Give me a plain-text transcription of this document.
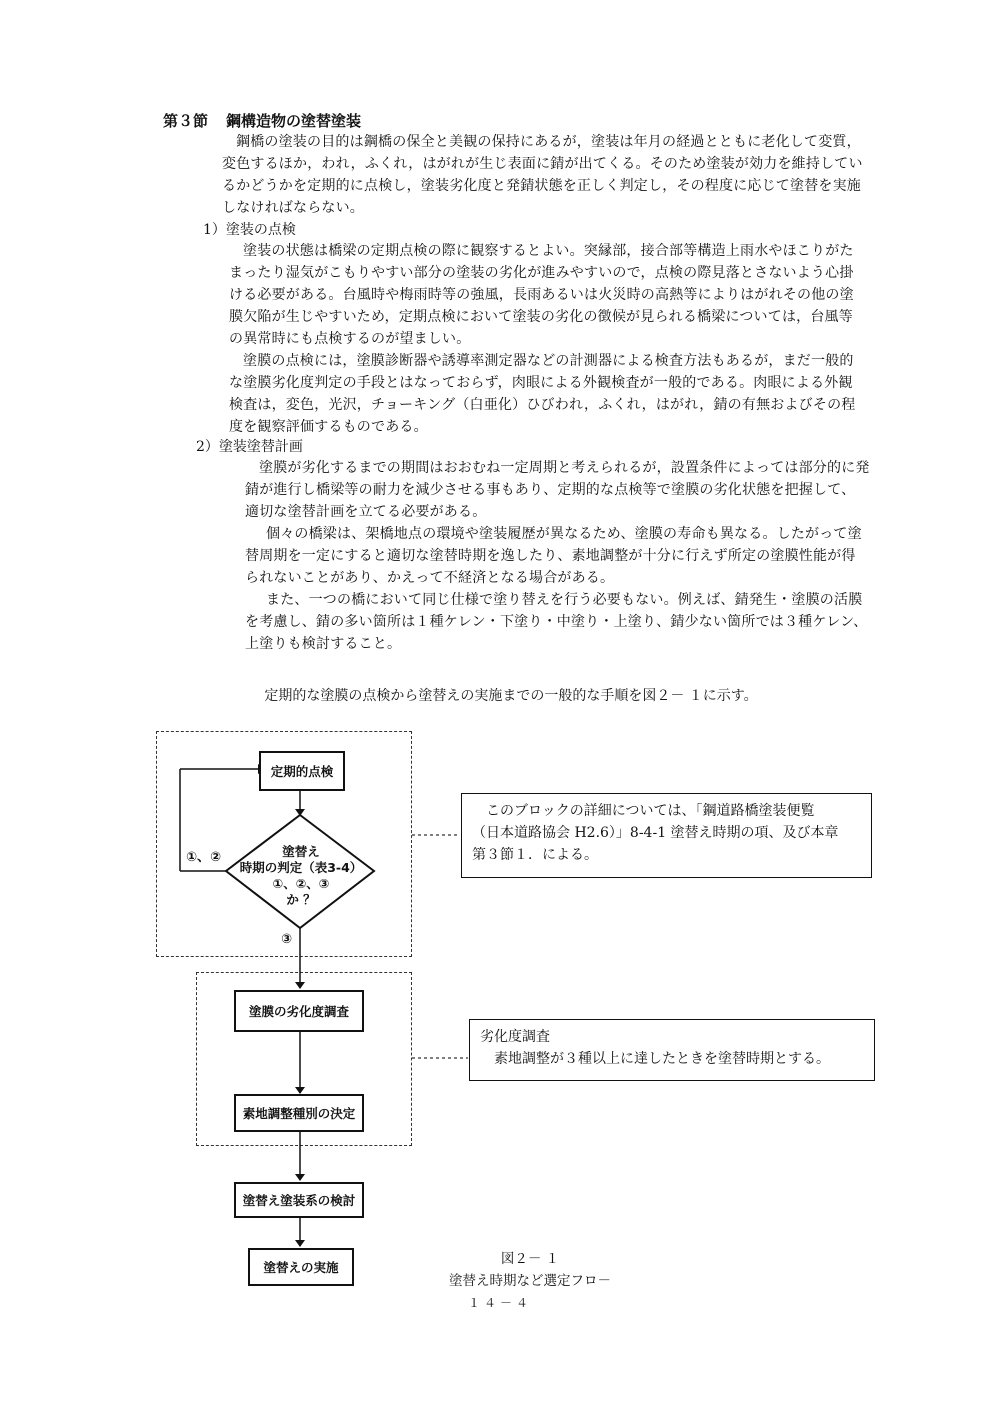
第３節 鋼構造物の塗替塗装

鋼橋の塗装の目的は鋼橋の保全と美観の保持にあるが，塗装は年月の経過とともに老化して変質，

変色するほか，われ，ふくれ，はがれが生じ表面に錆が出てくる。そのため塗装が効力を維持してい

るかどうかを定期的に点検し，塗装劣化度と発錆状態を正しく判定し，その程度に応じて塗替を実施

しなければならない。

1）塗装の点検

塗装の状態は橋梁の定期点検の際に観察するとよい。突縁部，接合部等構造上雨水やほこりがた

まったり湿気がこもりやすい部分の塗装の劣化が進みやすいので，点検の際見落とさないよう心掛

ける必要がある。台風時や梅雨時等の強風，長雨あるいは火災時の高熱等によりはがれその他の塗

膜欠陥が生じやすいため，定期点検において塗装の劣化の徴候が見られる橋梁については，台風等

の異常時にも点検するのが望ましい。

塗膜の点検には，塗膜診断器や誘導率測定器などの計測器による検査方法もあるが，まだ一般的

な塗膜劣化度判定の手段とはなっておらず，肉眼による外観検査が一般的である。肉眼による外観

検査は，変色，光沢，チョーキング（白亜化）ひびわれ，ふくれ，はがれ，錆の有無およびその程

度を観察評価するものである。

2）塗装塗替計画

塗膜が劣化するまでの期間はおおむね一定周期と考えられるが，設置条件によっては部分的に発

錆が進行し橋梁等の耐力を減少させる事もあり、定期的な点検等で塗膜の劣化状態を把握して、

適切な塗替計画を立てる必要がある。

個々の橋梁は、架橋地点の環境や塗装履歴が異なるため、塗膜の寿命も異なる。したがって塗

替周期を一定にすると適切な塗替時期を逸したり、素地調整が十分に行えず所定の塗膜性能が得

られないことがあり、かえって不経済となる場合がある。

また、一つの橋において同じ仕様で塗り替えを行う必要もない。例えば、錆発生・塗膜の活膜

を考慮し、錆の多い箇所は１種ケレン・下塗り・中塗り・上塗り、錆少ない箇所では３種ケレン、

上塗りも検討すること。

定期的な塗膜の点検から塗替えの実施までの一般的な手順を図２－ １に示す。
定期的点検
塗替え
時期の判定（表3-4）
①、②、③
か ？
①、②
③
塗膜の劣化度調査
素地調整種別の決定
塗替え塗装系の検討
塗替えの実施
このブロックの詳細については、「鋼道路橋塗装便覧
（日本道路協会 H2.6）」8-4-1 塗替え時期の項、及び本章
第３節１．による。
劣化度調査
素地調整が３種以上に達したときを塗替時期とする。
図２－ １
塗替え時期など選定フロ－
１４－４
